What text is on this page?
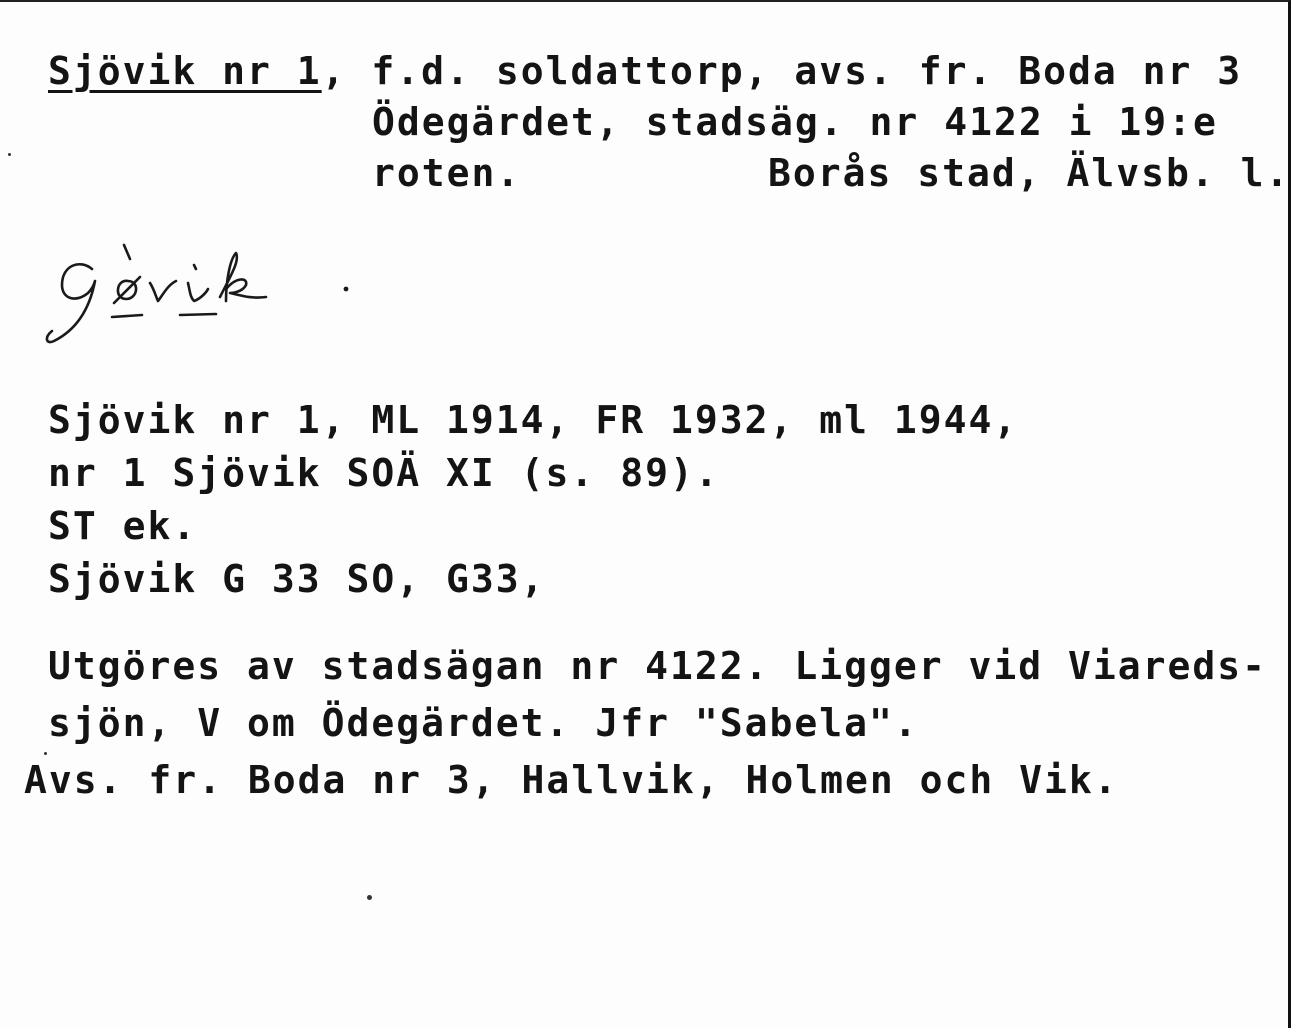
Sjövik nr 1, f.d. soldattorp, avs. fr. Boda nr 3
Ödegärdet, stadsäg. nr 4122 i 19:e
roten.	Borås stad, Älvsb. l.
Sjövik nr 1, ML 1914, FR 1932, ml 1944,
nr 1 Sjövik SOÄ XI (s. 89).
ST ek.
Sjövik G 33 SO, G33,
Utgöres av stadsägan nr 4122. Ligger vid Viareds-
sjön, V om Ödegärdet. Jfr "Sabela".
Avs. fr. Boda nr 3, Hallvik, Holmen och Vik.
